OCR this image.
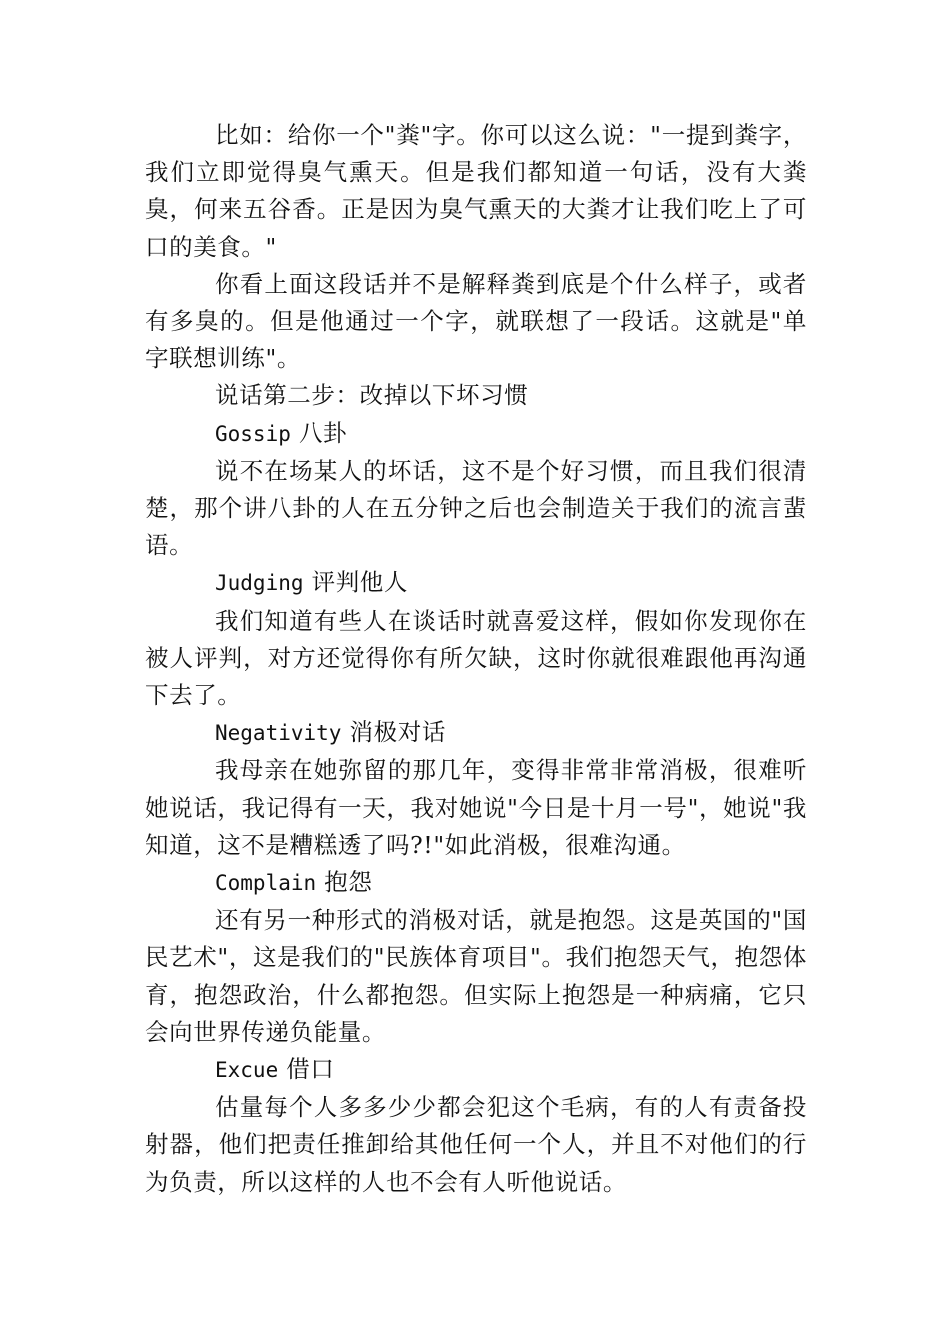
比如：给你一个"粪"字。你可以这么说："一提到粪字，我们立即觉得臭气熏天。但是我们都知道一句话，没有大粪臭，何来五谷香。正是因为臭气熏天的大粪才让我们吃上了可口的美食。"

你看上面这段话并不是解释粪到底是个什么样子，或者有多臭的。但是他通过一个字，就联想了一段话。这就是"单字联想训练"。

说话第二步：改掉以下坏习惯

Gossip 八卦

说不在场某人的坏话，这不是个好习惯，而且我们很清楚，那个讲八卦的人在五分钟之后也会制造关于我们的流言蜚语。

Judging 评判他人

我们知道有些人在谈话时就喜爱这样，假如你发现你在被人评判，对方还觉得你有所欠缺，这时你就很难跟他再沟通下去了。

Negativity 消极对话

我母亲在她弥留的那几年，变得非常非常消极，很难听她说话，我记得有一天，我对她说"今日是十月一号"，她说"我知道，这不是糟糕透了吗?!"如此消极，很难沟通。

Complain 抱怨

还有另一种形式的消极对话，就是抱怨。这是英国的"国民艺术"，这是我们的"民族体育项目"。我们抱怨天气，抱怨体育，抱怨政治，什么都抱怨。但实际上抱怨是一种病痛，它只会向世界传递负能量。

Excue 借口

估量每个人多多少少都会犯这个毛病，有的人有责备投射器，他们把责任推卸给其他任何一个人，并且不对他们的行为负责，所以这样的人也不会有人听他说话。
